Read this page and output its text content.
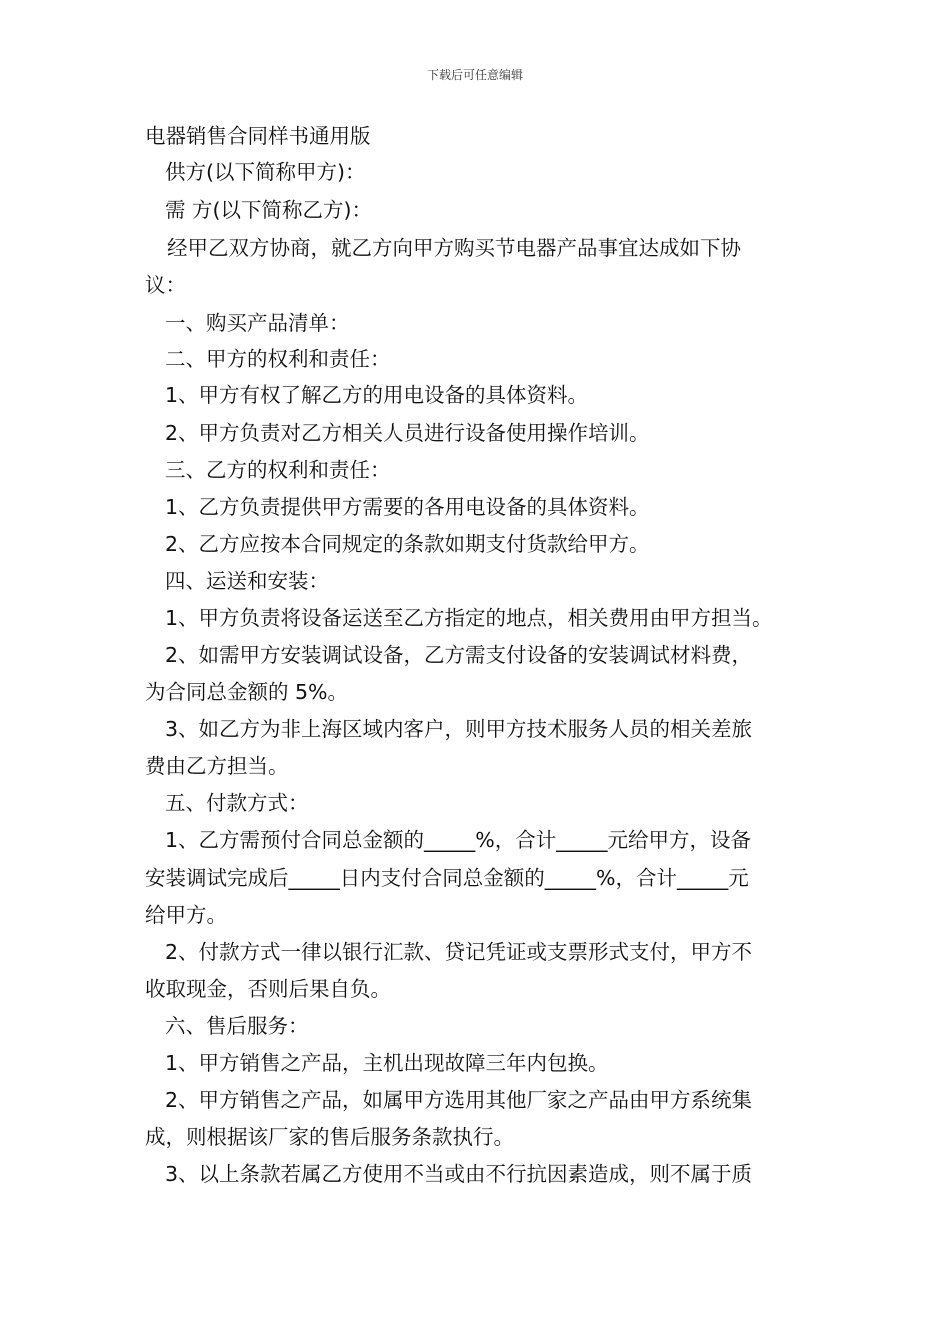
下载后可任意编辑
电器销售合同样书通用版
供方(以下简称甲方)：
需 方(以下简称乙方)：
经甲乙双方协商，就乙方向甲方购买节电器产品事宜达成如下协
议：
一、购买产品清单：
二、甲方的权利和责任：
1、甲方有权了解乙方的用电设备的具体资料。
2、甲方负责对乙方相关人员进行设备使用操作培训。
三、乙方的权利和责任：
1、乙方负责提供甲方需要的各用电设备的具体资料。
2、乙方应按本合同规定的条款如期支付货款给甲方。
四、运送和安装：
1、甲方负责将设备运送至乙方指定的地点，相关费用由甲方担当。
2、如需甲方安装调试设备，乙方需支付设备的安装调试材料费，
为合同总金额的 5%。
3、如乙方为非上海区域内客户，则甲方技术服务人员的相关差旅
费由乙方担当。
五、付款方式：
1、乙方需预付合同总金额的_____%，合计_____元给甲方，设备
安装调试完成后_____日内支付合同总金额的_____%，合计_____元
给甲方。
2、付款方式一律以银行汇款、贷记凭证或支票形式支付，甲方不
收取现金，否则后果自负。
六、售后服务：
1、甲方销售之产品，主机出现故障三年内包换。
2、甲方销售之产品，如属甲方选用其他厂家之产品由甲方系统集
成，则根据该厂家的售后服务条款执行。
3、以上条款若属乙方使用不当或由不行抗因素造成，则不属于质
